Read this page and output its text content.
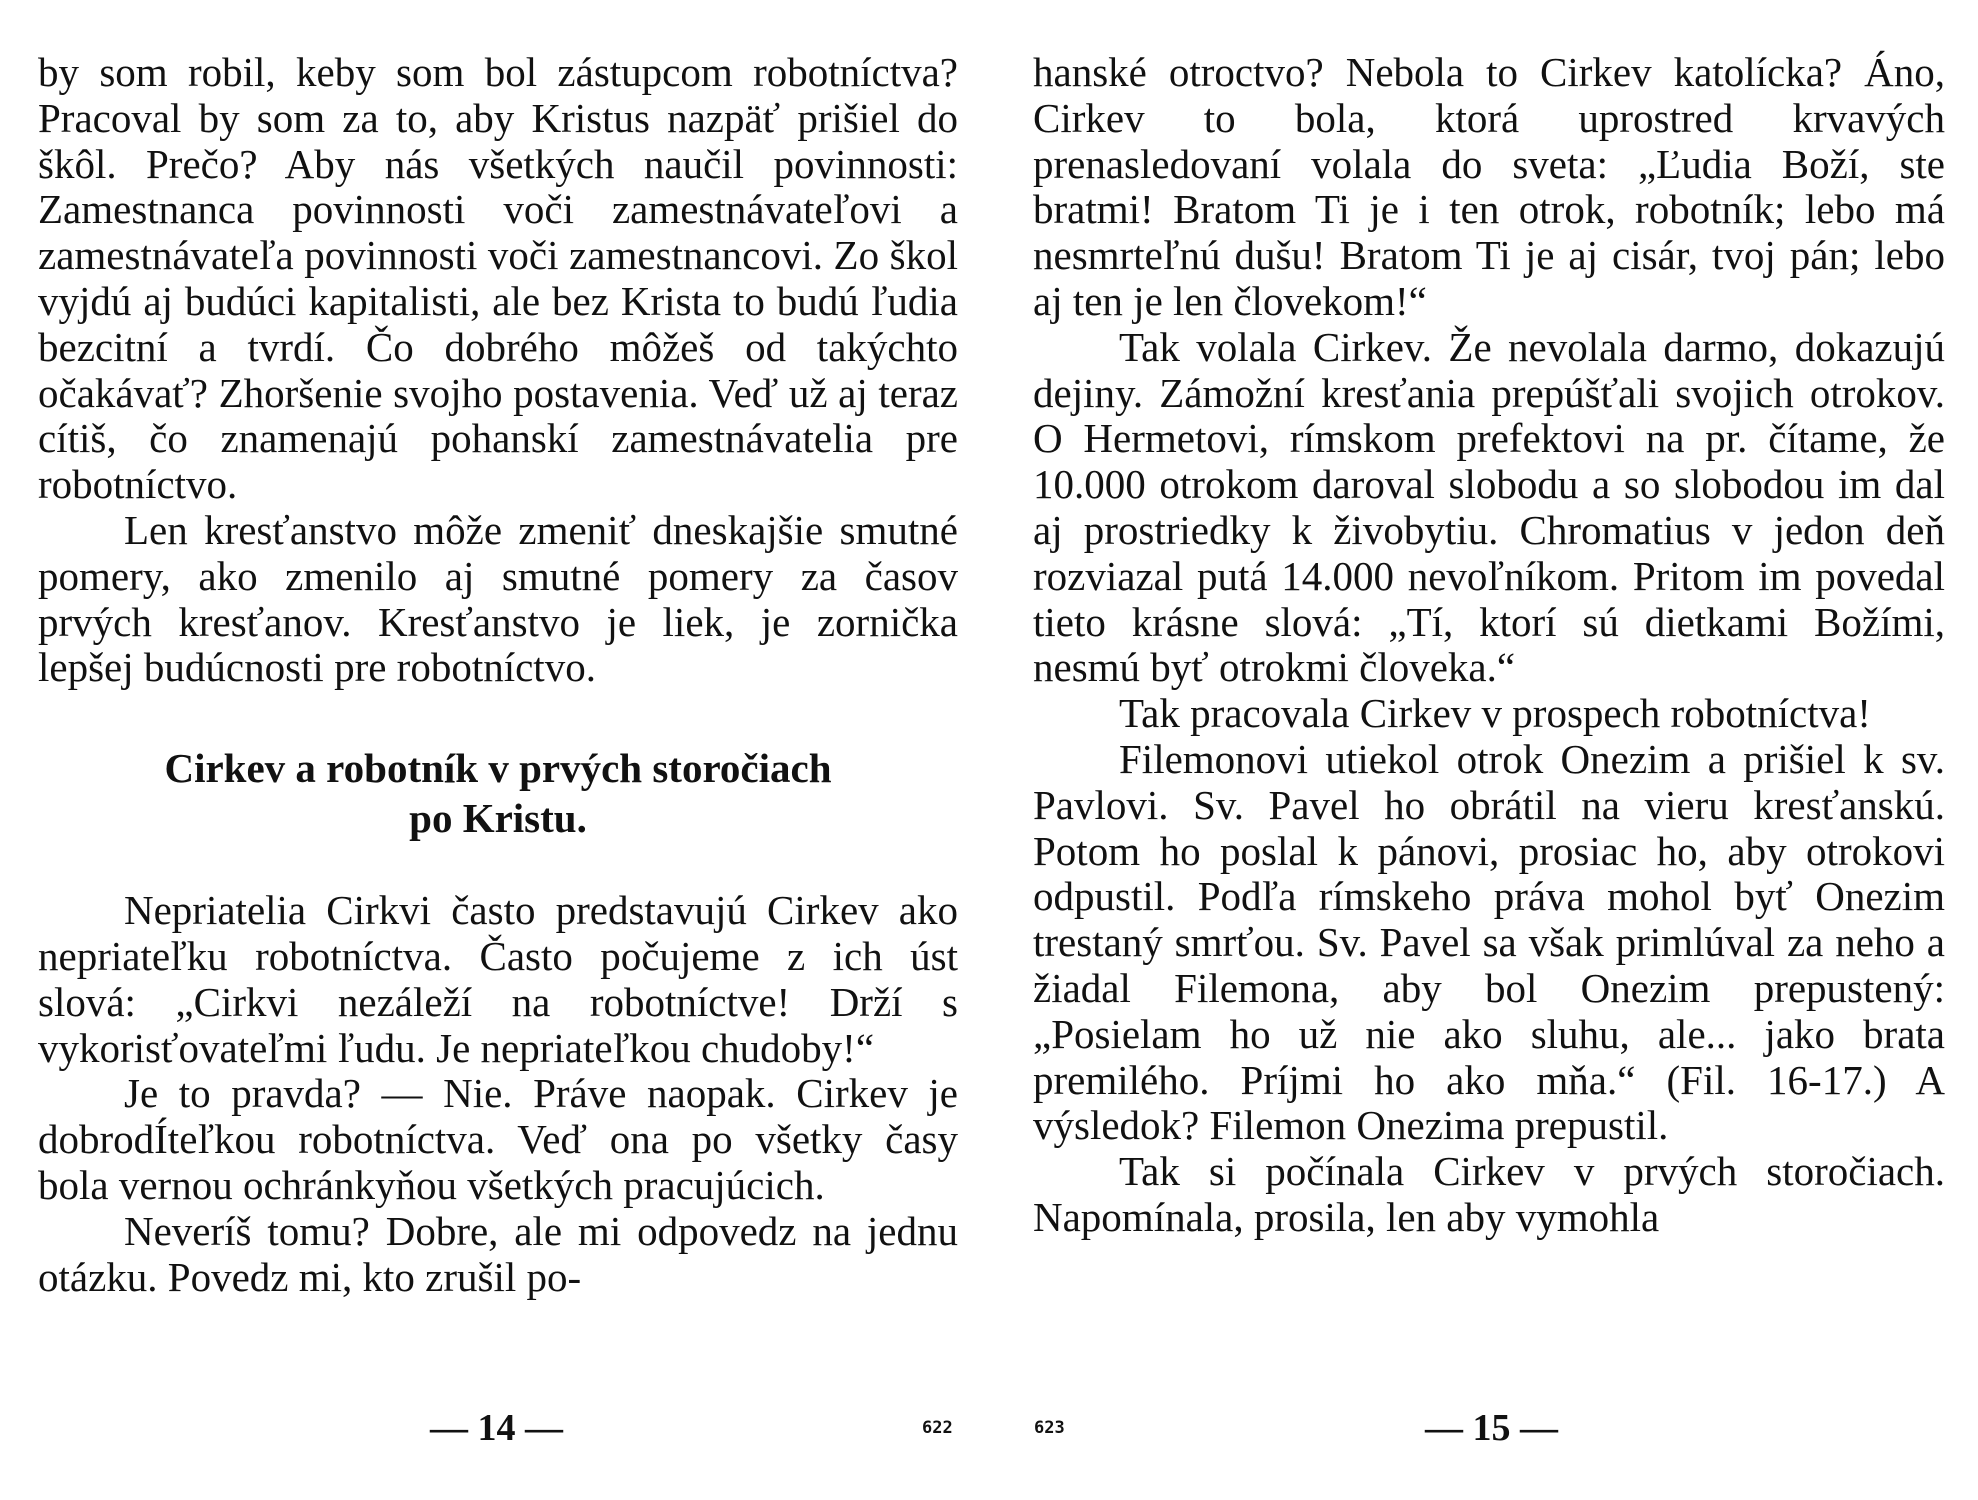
by som robil, keby som bol zástupcom robotníctva? Pracoval by som za to, aby Kristus nazpäť prišiel do škôl. Prečo? Aby nás všetkých naučil povinnosti: Zamestnanca povinnosti voči zamestnávateľovi a zamestnávateľa povinnosti voči zamestnancovi. Zo škol vyjdú aj budúci kapitalisti, ale bez Krista to budú ľudia bezcitní a tvrdí. Čo dobrého môžeš od takýchto očakávať? Zhoršenie svojho postavenia. Veď už aj teraz cítiš, čo znamenajú pohanskí zamestnávatelia pre robotníctvo.

Len kresťanstvo môže zmeniť dneskajšie smutné pomery, ako zmenilo aj smutné pomery za časov prvých kresťanov. Kresťanstvo je liek, je zornička lepšej budúcnosti pre robotníctvo.

Cirkev a robotník v prvých storočiach
po Kristu.

Nepriatelia Cirkvi často predstavujú Cirkev ako nepriateľku robotníctva. Často počujeme z ich úst slová: „Cirkvi nezáleží na robotníctve! Drží s vykorisťovateľmi ľudu. Je nepriateľkou chudoby!“

Je to pravda? — Nie. Práve naopak. Cirkev je dobrodÍteľkou robotníctva. Veď ona po všetky časy bola vernou ochránkyňou všetkých pracujúcich.

Neveríš tomu? Dobre, ale mi odpovedz na jednu otázku. Povedz mi, kto zrušil po-

hanské otroctvo? Nebola to Cirkev katolícka? Áno, Cirkev to bola, ktorá uprostred krvavých prenasledovaní volala do sveta: „Ľudia Boží, ste bratmi! Bratom Ti je i ten otrok, robotník; lebo má nesmrteľnú dušu! Bratom Ti je aj cisár, tvoj pán; lebo aj ten je len človekom!“

Tak volala Cirkev. Že nevolala darmo, dokazujú dejiny. Zámožní kresťania prepúšťali svojich otrokov. O Hermetovi, rímskom prefektovi na pr. čítame, že 10.000 otrokom daroval slobodu a so slobodou im dal aj prostriedky k živobytiu. Chromatius v jedon deň rozviazal putá 14.000 nevoľníkom. Pritom im povedal tieto krásne slová: „Tí, ktorí sú dietkami Božími, nesmú byť otrokmi človeka.“

Tak pracovala Cirkev v prospech robotníctva!

Filemonovi utiekol otrok Onezim a prišiel k sv. Pavlovi. Sv. Pavel ho obrátil na vieru kresťanskú. Potom ho poslal k pánovi, prosiac ho, aby otrokovi odpustil. Podľa rímskeho práva mohol byť Onezim trestaný smrťou. Sv. Pavel sa však primlúval za neho a žiadal Filemona, aby bol Onezim prepustený: „Posielam ho už nie ako sluhu, ale... jako brata premilého. Príjmi ho ako mňa.“ (Fil. 16-17.) A výsledok? Filemon Onezima prepustil.

Tak si počínala Cirkev v prvých storočiach. Napomínala, prosila, len aby vymohla

— 14 —	622	623	— 15 —
